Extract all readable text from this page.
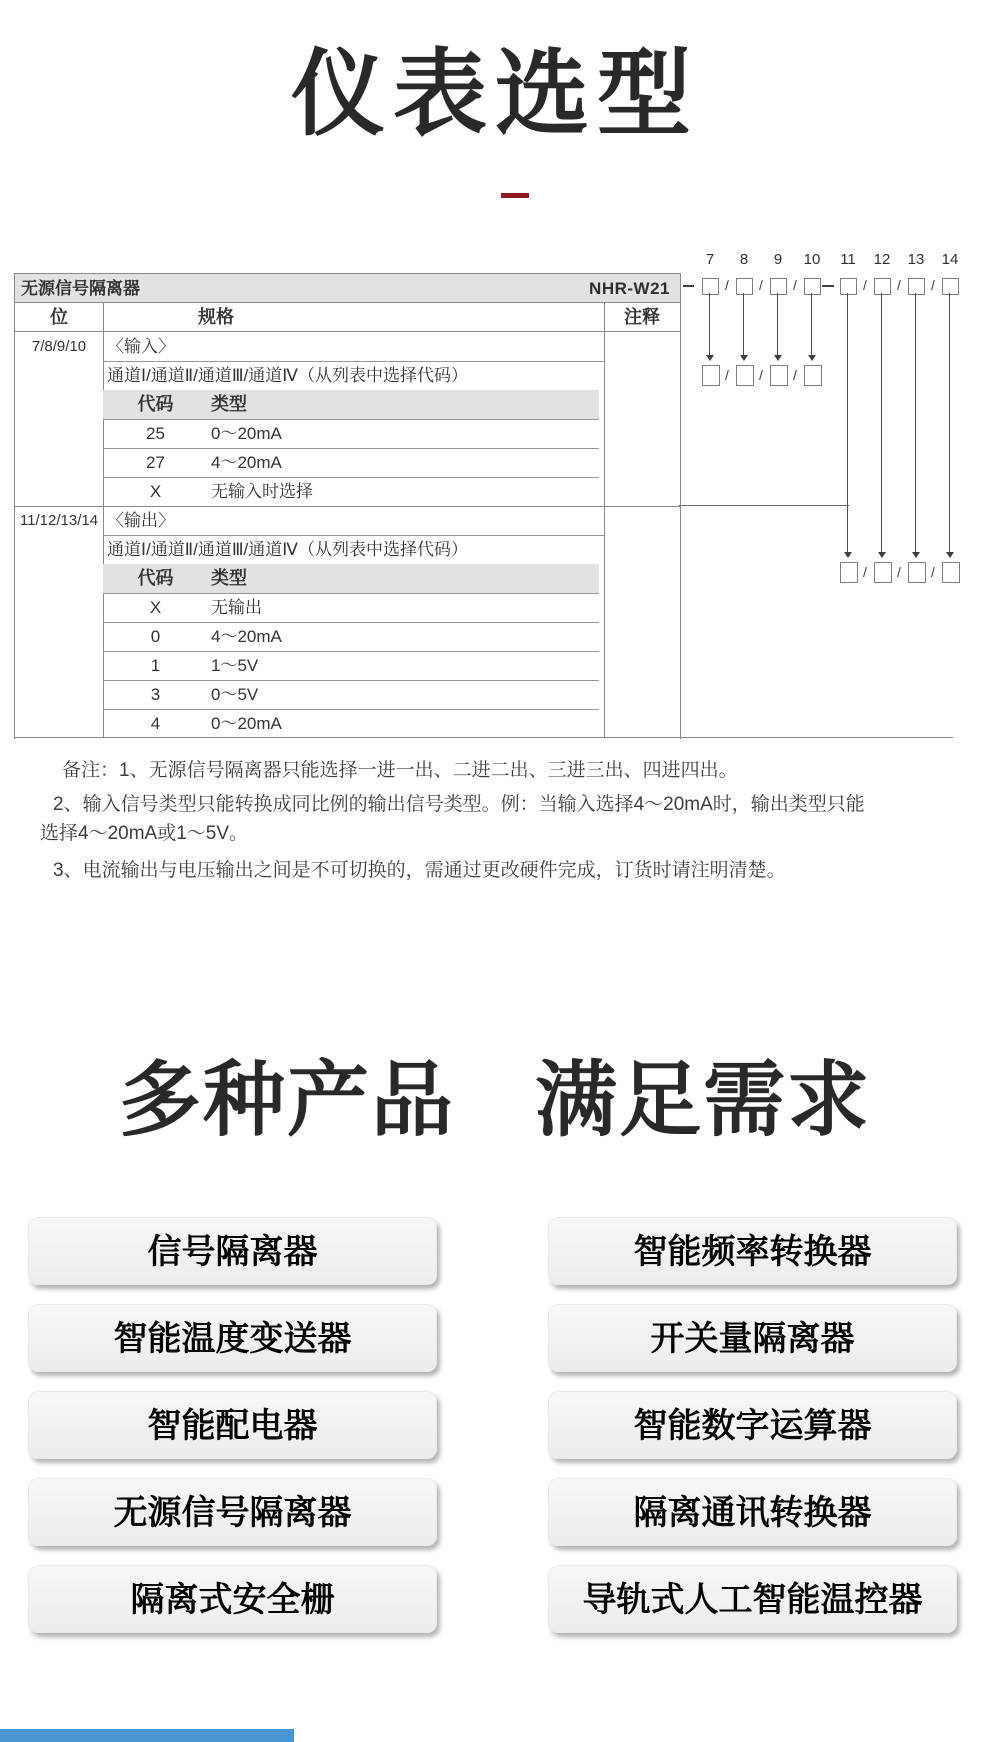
仪表选型
无源信号隔离器	NHR-W21
位	规格	注释
7/8/9/10	〈输入〉
通道Ⅰ/通道Ⅱ/通道Ⅲ/通道Ⅳ（从列表中选择代码）
代码	类型
25	0～20mA
27	4～20mA
X	无输入时选择
11/12/13/14 〈输出〉
通道Ⅰ/通道Ⅱ/通道Ⅲ/通道Ⅳ（从列表中选择代码）
代码	类型
X	无输出
0	4～20mA
1	1～5V
3	0～5V
4	0～20mA
7	8	9	10 11 12 13 14
/ / /	/ / /
/ / /
/ / /

备注：1、无源信号隔离器只能选择一进一出、二进二出、三进三出、四进四出。

2、输入信号类型只能转换成同比例的输出信号类型。例：当输入选择4～20mA时，输出类型只能选择4～20mA或1～5V。

3、电流输出与电压输出之间是不可切换的，需通过更改硬件完成，订货时请注明清楚。

多种产品 满足需求
信号隔离器
智能温度变送器
智能配电器
无源信号隔离器
隔离式安全栅
智能频率转换器
开关量隔离器
智能数字运算器
隔离通讯转换器
导轨式人工智能温控器
